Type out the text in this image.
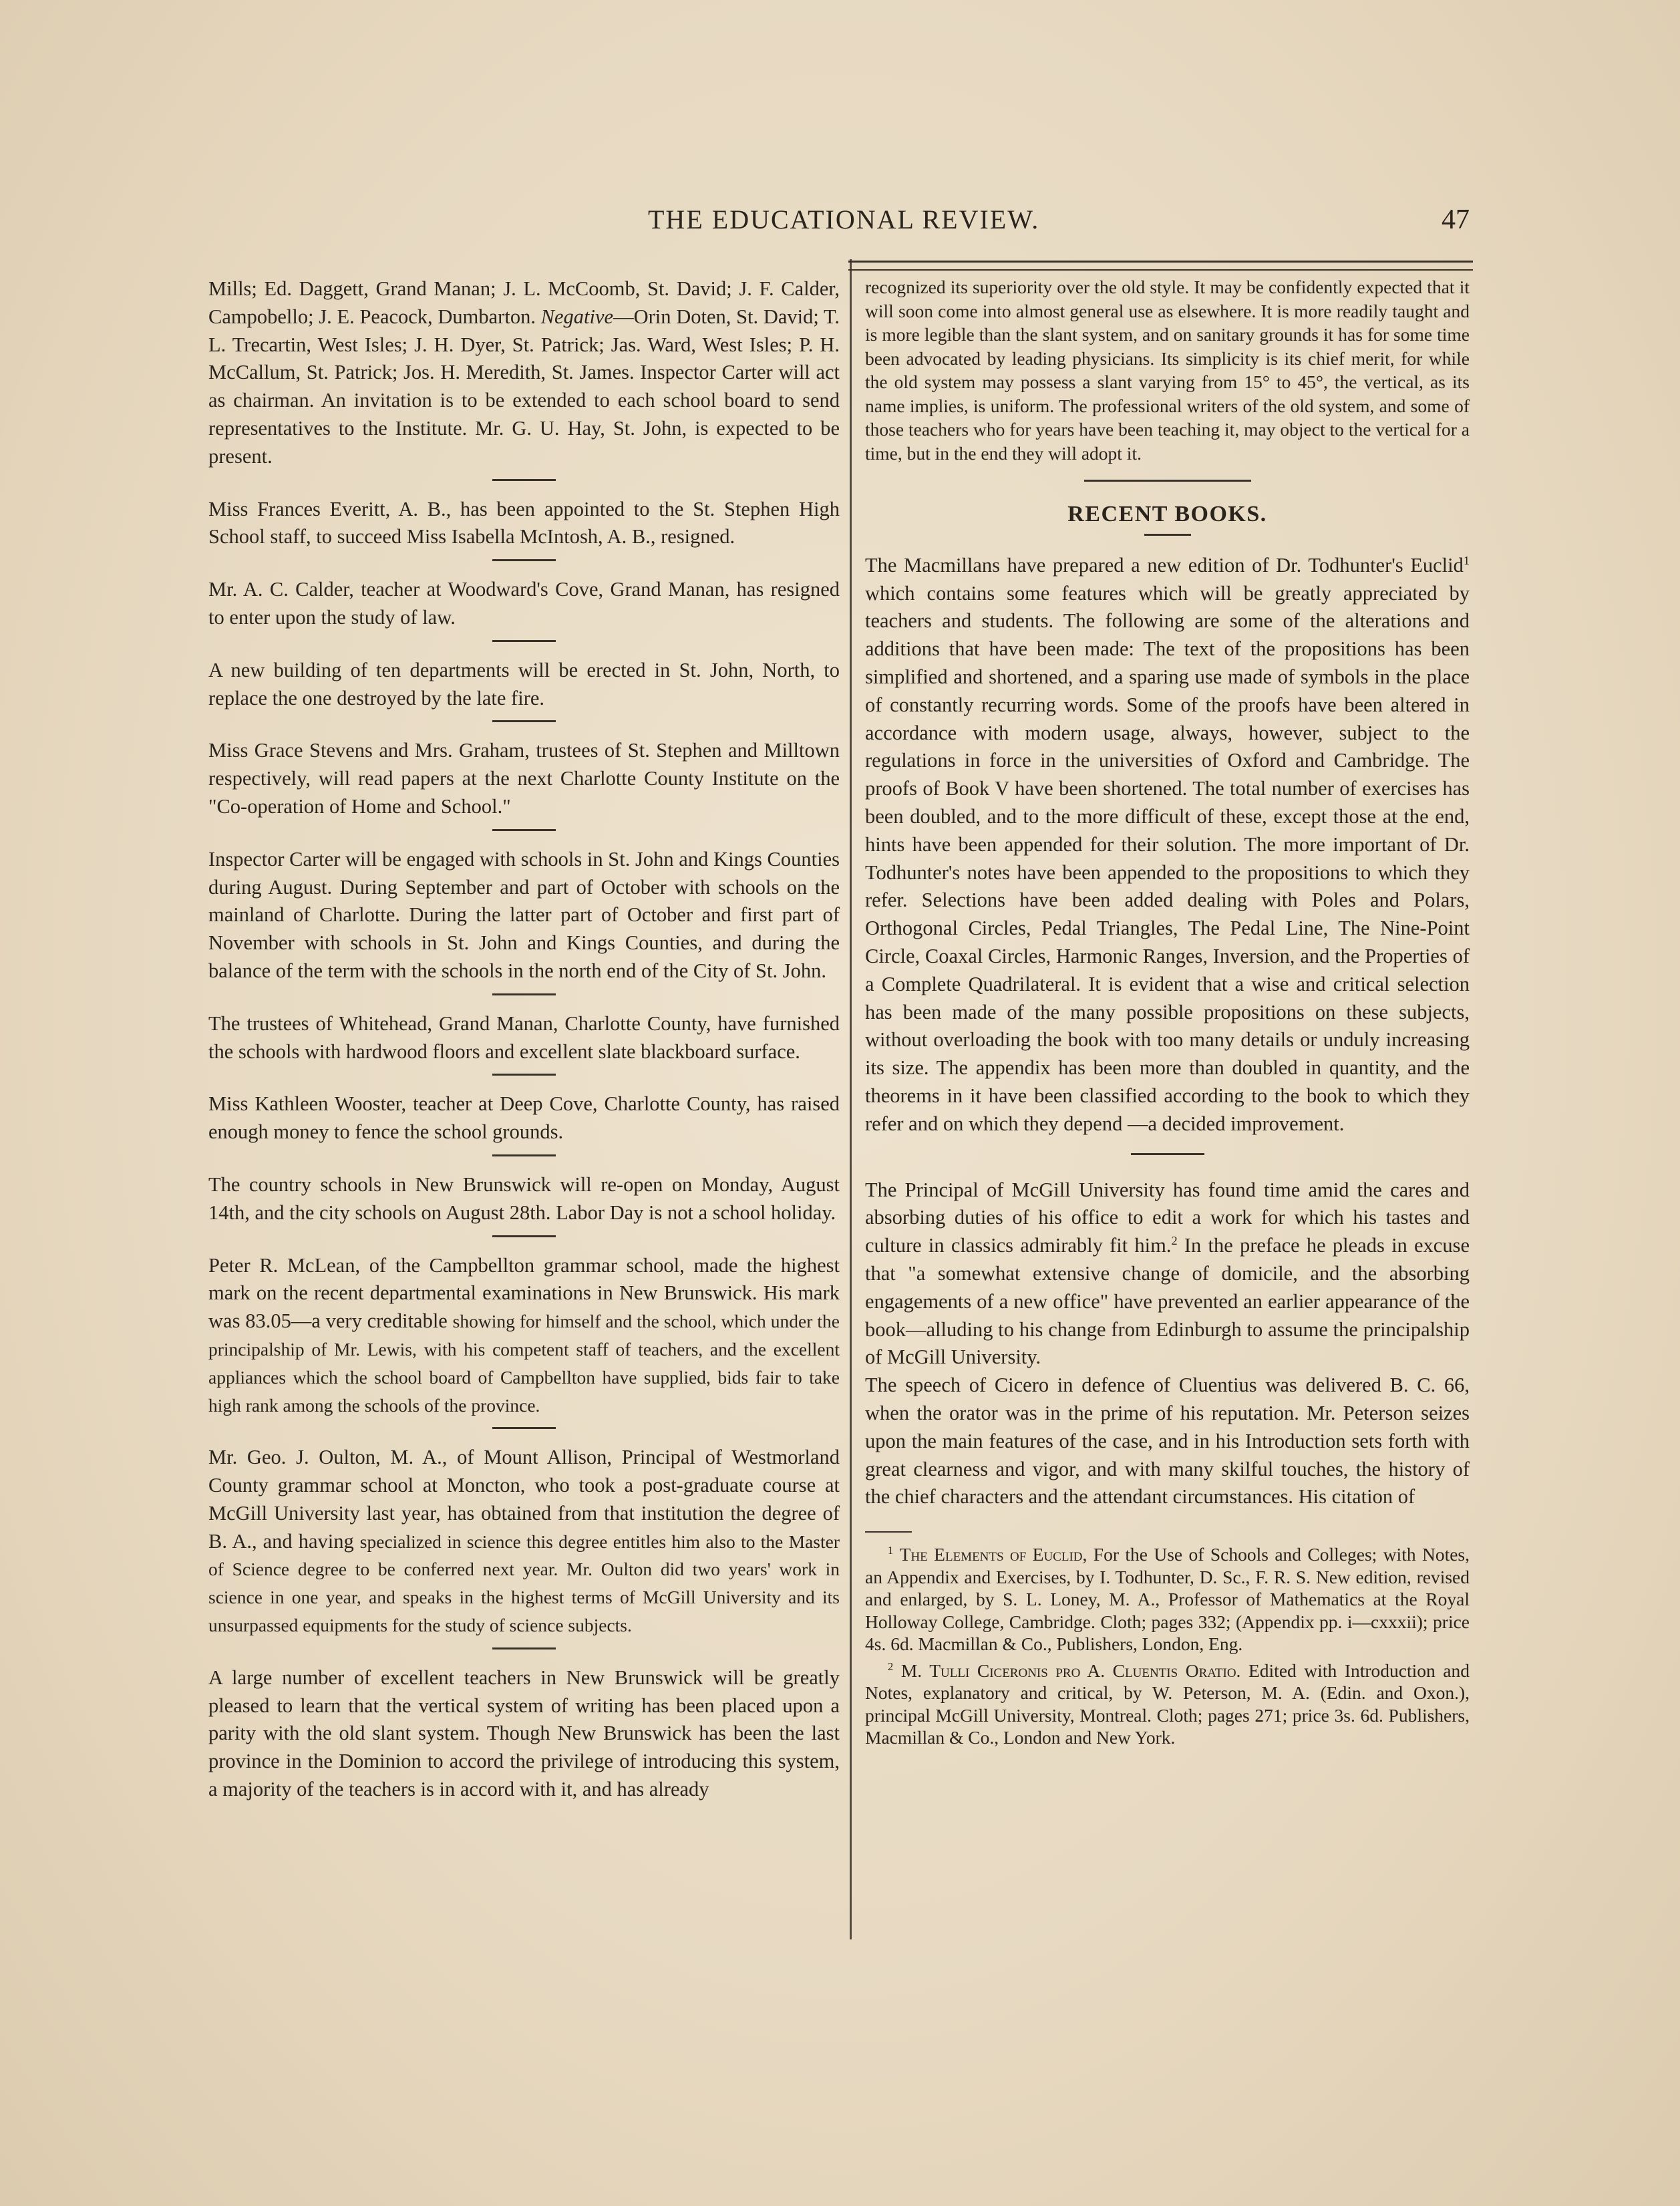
THE EDUCATIONAL REVIEW.	47

Mills; Ed. Daggett, Grand Manan; J. L. McCoomb, St. David; J. F. Calder, Campobello; J. E. Peacock, Dumbarton. Negative—Orin Doten, St. David; T. L. Trecartin, West Isles; J. H. Dyer, St. Patrick; Jas. Ward, West Isles; P. H. McCallum, St. Patrick; Jos. H. Meredith, St. James. Inspector Carter will act as chairman. An invitation is to be extended to each school board to send representatives to the Institute. Mr. G. U. Hay, St. John, is expected to be present.

Miss Frances Everitt, A. B., has been appointed to the St. Stephen High School staff, to succeed Miss Isabella McIntosh, A. B., resigned.

Mr. A. C. Calder, teacher at Woodward's Cove, Grand Manan, has resigned to enter upon the study of law.

A new building of ten departments will be erected in St. John, North, to replace the one destroyed by the late fire.

Miss Grace Stevens and Mrs. Graham, trustees of St. Stephen and Milltown respectively, will read papers at the next Charlotte County Institute on the "Co-operation of Home and School."

Inspector Carter will be engaged with schools in St. John and Kings Counties during August. During September and part of October with schools on the mainland of Charlotte. During the latter part of October and first part of November with schools in St. John and Kings Counties, and during the balance of the term with the schools in the north end of the City of St. John.

The trustees of Whitehead, Grand Manan, Charlotte County, have furnished the schools with hardwood floors and excellent slate blackboard surface.

Miss Kathleen Wooster, teacher at Deep Cove, Charlotte County, has raised enough money to fence the school grounds.

The country schools in New Brunswick will re-open on Monday, August 14th, and the city schools on August 28th. Labor Day is not a school holiday.

Peter R. McLean, of the Campbellton grammar school, made the highest mark on the recent departmental examinations in New Brunswick. His mark was 83.05—a very creditable showing for himself and the school, which under the principalship of Mr. Lewis, with his competent staff of teachers, and the excellent appliances which the school board of Campbellton have supplied, bids fair to take high rank among the schools of the province.

Mr. Geo. J. Oulton, M. A., of Mount Allison, Principal of Westmorland County grammar school at Moncton, who took a post-graduate course at McGill University last year, has obtained from that institution the degree of B. A., and having specialized in science this degree entitles him also to the Master of Science degree to be conferred next year. Mr. Oulton did two years' work in science in one year, and speaks in the highest terms of McGill University and its unsurpassed equipments for the study of science subjects.

A large number of excellent teachers in New Brunswick will be greatly pleased to learn that the vertical system of writing has been placed upon a parity with the old slant system. Though New Brunswick has been the last province in the Dominion to accord the privilege of introducing this system, a majority of the teachers is in accord with it, and has already

recognized its superiority over the old style. It may be confidently expected that it will soon come into almost general use as elsewhere. It is more readily taught and is more legible than the slant system, and on sanitary grounds it has for some time been advocated by leading physicians. Its simplicity is its chief merit, for while the old system may possess a slant varying from 15° to 45°, the vertical, as its name implies, is uniform. The professional writers of the old system, and some of those teachers who for years have been teaching it, may object to the vertical for a time, but in the end they will adopt it.

RECENT BOOKS.

The Macmillans have prepared a new edition of Dr. Todhunter's Euclid$^1$ which contains some features which will be greatly appreciated by teachers and students. The following are some of the alterations and additions that have been made: The text of the propositions has been simplified and shortened, and a sparing use made of symbols in the place of constantly recurring words. Some of the proofs have been altered in accordance with modern usage, always, however, subject to the regulations in force in the universities of Oxford and Cambridge. The proofs of Book V have been shortened. The total number of exercises has been doubled, and to the more difficult of these, except those at the end, hints have been appended for their solution. The more important of Dr. Todhunter's notes have been appended to the propositions to which they refer. Selections have been added dealing with Poles and Polars, Orthogonal Circles, Pedal Triangles, The Pedal Line, The Nine-Point Circle, Coaxal Circles, Harmonic Ranges, Inversion, and the Properties of a Complete Quadrilateral. It is evident that a wise and critical selection has been made of the many possible propositions on these subjects, without overloading the book with too many details or unduly increasing its size. The appendix has been more than doubled in quantity, and the theorems in it have been classified according to the book to which they refer and on which they depend —a decided improvement.

The Principal of McGill University has found time amid the cares and absorbing duties of his office to edit a work for which his tastes and culture in classics admirably fit him.$^2$ In the preface he pleads in excuse that "a somewhat extensive change of domicile, and the absorbing engagements of a new office" have prevented an earlier appearance of the book—alluding to his change from Edinburgh to assume the principalship of McGill University.

The speech of Cicero in defence of Cluentius was delivered B. C. 66, when the orator was in the prime of his reputation. Mr. Peterson seizes upon the main features of the case, and in his Introduction sets forth with great clearness and vigor, and with many skilful touches, the history of the chief characters and the attendant circumstances. His citation of

$^1$ The Elements of Euclid, For the Use of Schools and Colleges; with Notes, an Appendix and Exercises, by I. Todhunter, D. Sc., F. R. S. New edition, revised and enlarged, by S. L. Loney, M. A., Professor of Mathematics at the Royal Holloway College, Cambridge. Cloth; pages 332; (Appendix pp. i—cxxxii); price 4s. 6d. Macmillan & Co., Publishers, London, Eng.

$^2$ M. Tulli Ciceronis pro A. Cluentis Oratio. Edited with Introduction and Notes, explanatory and critical, by W. Peterson, M. A. (Edin. and Oxon.), principal McGill University, Montreal. Cloth; pages 271; price 3s. 6d. Publishers, Macmillan & Co., London and New York.
